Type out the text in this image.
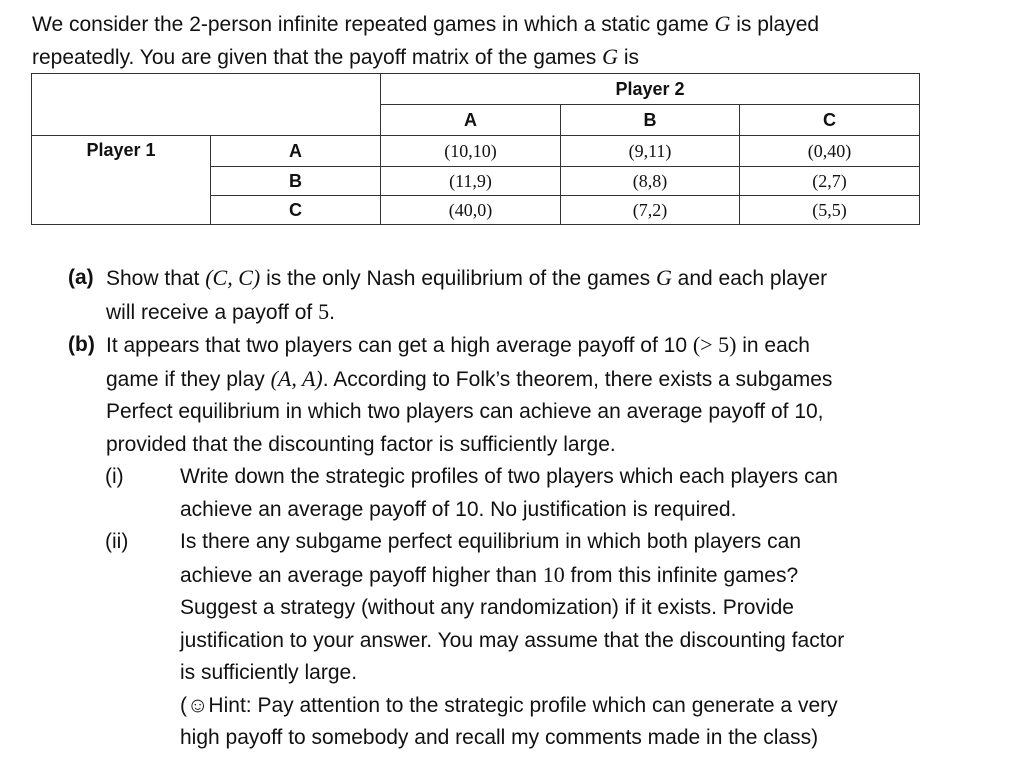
We consider the 2-person infinite repeated games in which a static game G is played
repeatedly. You are given that the payoff matrix of the games G is
		Player 2		
		A	B	C
Player 1	A	(10,10)	(9,11)	(0,40)
	B	(11,9)	(8,8)	(2,7)
	C	(40,0)	(7,2)	(5,5)
(a) Show that (C, C) is the only Nash equilibrium of the games G and each player
will receive a payoff of 5.
(b) It appears that two players can get a high average payoff of 10 (> 5) in each
game if they play (A, A). According to Folk’s theorem, there exists a subgames
Perfect equilibrium in which two players can achieve an average payoff of 10,
provided that the discounting factor is sufficiently large.
(i)	Write down the strategic profiles of two players which each players can
achieve an average payoff of 10. No justification is required.
(ii) Is there any subgame perfect equilibrium in which both players can
achieve an average payoff higher than 10 from this infinite games?
Suggest a strategy (without any randomization) if it exists. Provide
justification to your answer. You may assume that the discounting factor
is sufficiently large.
(☺Hint: Pay attention to the strategic profile which can generate a very
high payoff to somebody and recall my comments made in the class)
